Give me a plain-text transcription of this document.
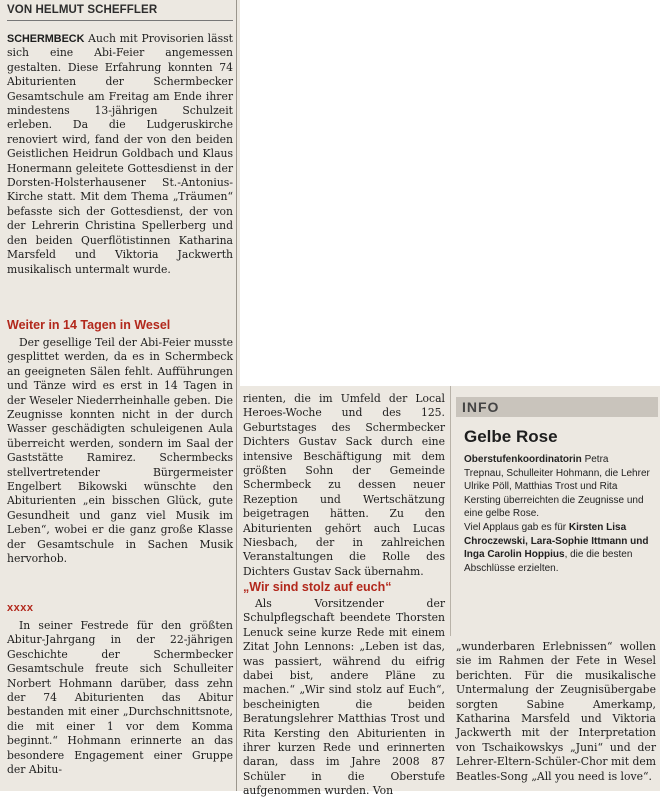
VON HELMUT SCHEFFLER

SCHERMBECK Auch mit Provisorien lässt sich eine Abi-Feier angemessen gestalten. Diese Erfahrung konnten 74 Abiturienten der Schermbecker Gesamtschule am Freitag am Ende ihrer mindestens 13-jährigen Schulzeit erleben. Da die Ludgeruskirche renoviert wird, fand der von den beiden Geistlichen Heidrun Goldbach und Klaus Honermann geleitete Gottesdienst in der Dorsten-Holsterhausener St.-Antonius-Kirche statt. Mit dem Thema „Träumen“ befasste sich der Gottesdienst, der von der Lehrerin Christina Spellerberg und den beiden Querflötistinnen Katharina Marsfeld und Viktoria Jackwerth musikalisch untermalt wurde.

Weiter in 14 Tagen in Wesel

Der gesellige Teil der Abi-Feier musste gesplittet werden, da es in Schermbeck an geeigneten Sälen fehlt. Aufführungen und Tänze wird es erst in 14 Tagen in der Weseler Niederrheinhalle geben. Die Zeugnisse konnten nicht in der durch Wasser geschädigten schuleigenen Aula überreicht werden, sondern im Saal der Gaststätte Ramirez. Schermbecks stellvertretender Bürgermeister Engelbert Bikowski wünschte den Abiturienten „ein bisschen Glück, gute Gesundheit und ganz viel Musik im Leben“, wobei er die ganz große Klasse der Gesamtschule in Sachen Musik hervorhob.

xxxx

In seiner Festrede für den größten Abitur-Jahrgang in der 22-jährigen Geschichte der Schermbecker Gesamtschule freute sich Schulleiter Norbert Hohmann darüber, dass zehn der 74 Abiturienten das Abitur bestanden mit einer „Durchschnittsnote, die mit einer 1 vor dem Komma beginnt.“ Hohmann erinnerte an das besondere Engagement einer Gruppe der Abitu-

rienten, die im Umfeld der Local Heroes-Woche und des 125. Geburtstages des Schermbecker Dichters Gustav Sack durch eine intensive Beschäftigung mit dem größten Sohn der Gemeinde Schermbeck zu dessen neuer Rezeption und Wertschätzung beigetragen hätten. Zu den Abiturienten gehört auch Lucas Niesbach, der in zahlreichen Veranstaltungen die Rolle des Dichters Gustav Sack übernahm.

„Wir sind stolz auf euch“

Als Vorsitzender der Schulpflegschaft beendete Thorsten Lenuck seine kurze Rede mit einem Zitat John Lennons: „Leben ist das, was passiert, während du eifrig dabei bist, andere Pläne zu machen.“ „Wir sind stolz auf Euch“, bescheinigten die beiden Beratungslehrer Matthias Trost und Rita Kersting den Abiturienten in ihrer kurzen Rede und erinnerten daran, dass im Jahre 2008 87 Schüler in die Oberstufe aufgenommen wurden. Von

INFO
Gelbe Rose

Oberstufenkoordinatorin Petra Trepnau, Schulleiter Hohmann, die Lehrer Ulrike Pöll, Matthias Trost und Rita Kersting überreichten die Zeugnisse und eine gelbe Rose.

Viel Applaus gab es für Kirsten Lisa Chroczewski, Lara-Sophie Ittmann und Inga Carolin Hoppius, die die besten Abschlüsse erzielten.

„wunderbaren Erlebnissen“ wollen sie im Rahmen der Fete in Wesel berichten. Für die musikalische Untermalung der Zeugnisübergabe sorgten Sabine Amerkamp, Katharina Marsfeld und Viktoria Jackwerth mit der Interpretation von Tschaikowskys „Juni“ und der Lehrer-Eltern-Schüler-Chor mit dem Beatles-Song „All you need is love“.
